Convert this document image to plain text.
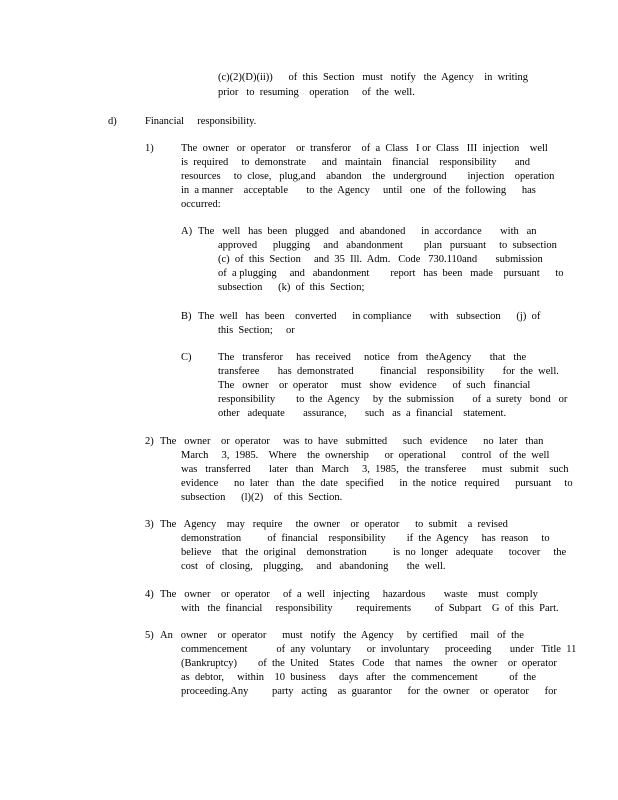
(c)(2)(D)(ii))      of  this  Section   must   notify   the  Agency    in  writing
prior   to  resuming    operation     of  the  well.
d)	Financial     responsibility.
1)	The  owner   or  operator    or  transferor    of  a  Class   I or  Class   III  injection    well
is  required     to  demonstrate      and   maintain    financial    responsibility       and
resources     to  close,   plug,and    abandon    the   underground        injection    operation
in  a manner    acceptable       to  the  Agency     until   one   of  the  following      has
occurred:
A) The   well   has  been   plugged    and  abandoned      in  accordance       with   an
approved      plugging     and   abandonment        plan   pursuant     to  subsection
(c)  of  this  Section     and  35  Ill.  Adm.   Code   730.110and       submission
of  a plugging     and   abandonment        report   has  been   made    pursuant      to
subsection      (k)  of  this  Section;
B) The  well   has  been    converted      in compliance       with   subsection      (j)  of
this  Section;     or
C)	The   transferor     has  received     notice   from   theAgency       that   the
transferee       has  demonstrated          financial    responsibility       for  the  well.
The   owner    or  operator     must   show   evidence      of  such   financial
responsibility        to  the  Agency     by  the  submission       of  a  surety   bond   or
other   adequate       assurance,       such   as  a  financial    statement.
2) The   owner    or  operator     was  to  have   submitted      such   evidence      no  later   than
March     3,  1985.    Where    the  ownership      or  operational      control   of  the  well
was   transferred       later   than   March     3,  1985,   the  transferee      must   submit    such
evidence      no  later   than   the  date   specified      in  the  notice   required      pursuant     to
subsection      (l)(2)    of  this  Section.
3) The   Agency    may   require     the  owner    or  operator      to  submit    a  revised
demonstration          of  financial    responsibility        if  the  Agency     has  reason     to
believe    that   the  original    demonstration          is  no  longer   adequate      tocover     the
cost   of  closing,    plugging,     and   abandoning       the  well.
4) The   owner    or  operator     of  a  well   injecting     hazardous       waste    must   comply
with   the  financial     responsibility         requirements         of  Subpart    G  of  this  Part.
5) An   owner    or  operator      must   notify   the  Agency     by  certified     mail   of  the
commencement           of  any  voluntary      or  involuntary      proceeding       under   Title  11
(Bankruptcy)        of  the  United    States   Code    that  names    the  owner    or  operator
as  debtor,     within    10  business     days   after   the  commencement            of  the
proceeding.Any         party   acting    as  guarantor      for  the  owner    or  operator      for
